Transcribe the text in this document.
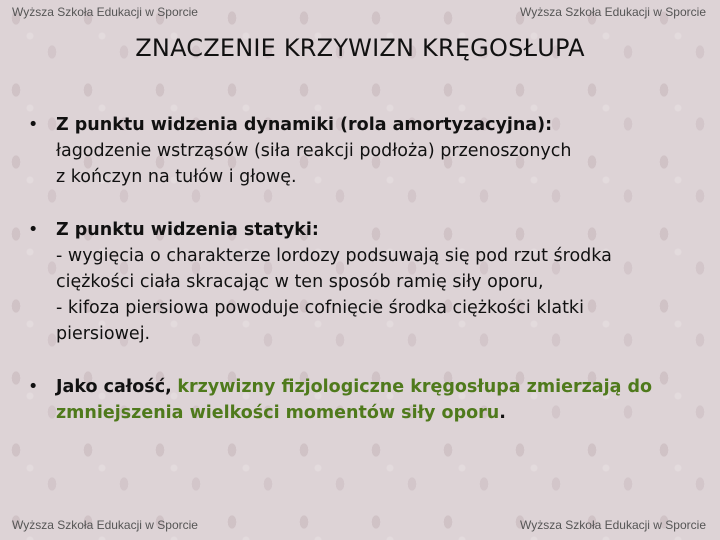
Wyższa Szkoła Edukacji w Sporcie	Wyższa Szkoła Edukacji w Sporcie
ZNACZENIE KRZYWIZN KRĘGOSŁUPA
•	Z punktu widzenia dynamiki (rola amortyzacyjna):
łagodzenie wstrząsów (siła reakcji podłoża) przenoszonych
z kończyn na tułów i głowę.
•	Z punktu widzenia statyki:
- wygięcia o charakterze lordozy podsuwają się pod rzut środka
ciężkości ciała skracając w ten sposób ramię siły oporu,
- kifoza piersiowa powoduje cofnięcie środka ciężkości klatki
piersiowej.
•	Jako całość, krzywizny fizjologiczne kręgosłupa zmierzają do
zmniejszenia wielkości momentów siły oporu.
Wyższa Szkoła Edukacji w Sporcie	Wyższa Szkoła Edukacji w Sporcie
